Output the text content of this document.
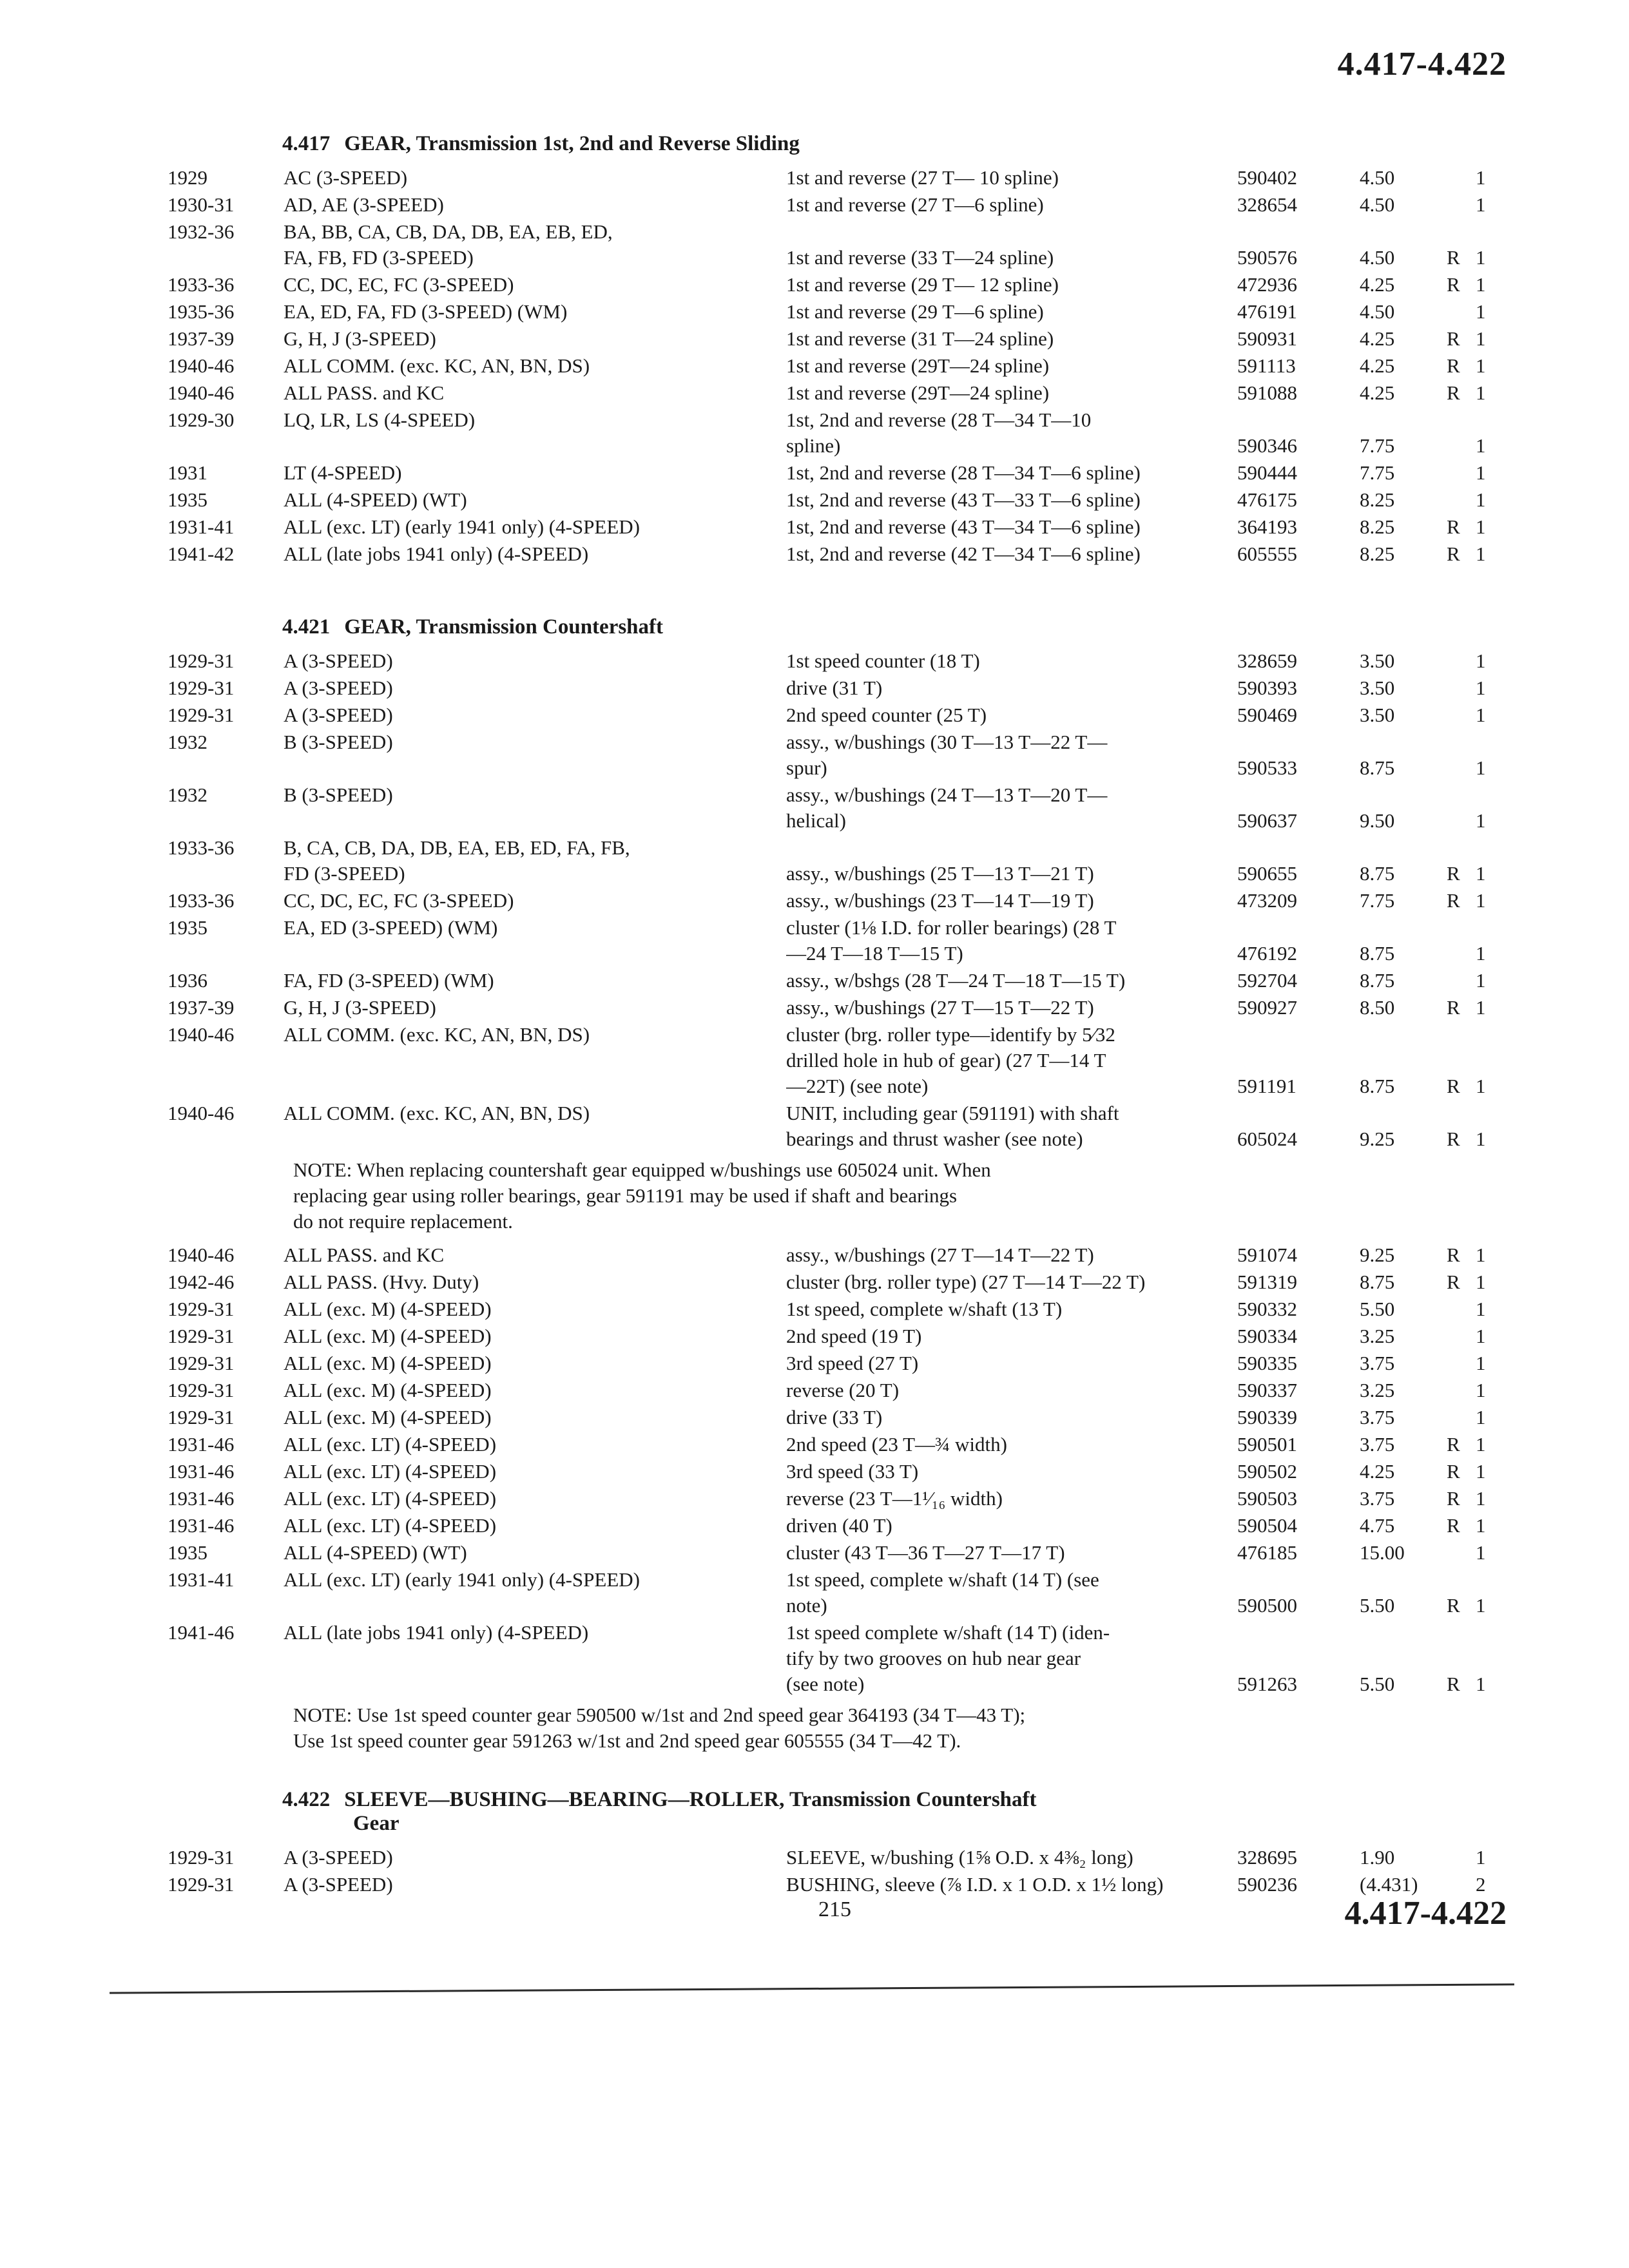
4.417-4.422
4.417 GEAR, Transmission 1st, 2nd and Reverse Sliding
1929	AC (3-SPEED)	1st and reverse (27 T— 10 spline)	590402	4.50	1
1930-31	AD, AE (3-SPEED)	1st and reverse (27 T—6 spline)	328654	4.50	1
1932-36	BA, BB, CA, CB, DA, DB, EA, EB, ED,
FA, FB, FD (3-SPEED)	
1st and reverse (33 T—24 spline)	590576	4.50	R 1
1933-36	CC, DC, EC, FC (3-SPEED)	1st and reverse (29 T— 12 spline)	472936	4.25	R 1
1935-36	EA, ED, FA, FD (3-SPEED) (WM)	1st and reverse (29 T—6 spline)	476191	4.50	1
1937-39	G, H, J (3-SPEED)	1st and reverse (31 T—24 spline)	590931	4.25	R 1
1940-46	ALL COMM. (exc. KC, AN, BN, DS)	1st and reverse (29T—24 spline)	591113	4.25	R 1
1940-46	ALL PASS. and KC	1st and reverse (29T—24 spline)	591088	4.25	R 1
1929-30	LQ, LR, LS (4-SPEED)	1st, 2nd and reverse (28 T—34 T—10
spline)	590346	7.75	1
1931	LT (4-SPEED)	1st, 2nd and reverse (28 T—34 T—6 spline)	590444	7.75	1
1935	ALL (4-SPEED) (WT)	1st, 2nd and reverse (43 T—33 T—6 spline)	476175	8.25	1
1931-41	ALL (exc. LT) (early 1941 only) (4-SPEED)	1st, 2nd and reverse (43 T—34 T—6 spline)	364193	8.25	R 1
1941-42	ALL (late jobs 1941 only) (4-SPEED)	1st, 2nd and reverse (42 T—34 T—6 spline)	605555	8.25	R 1
4.421 GEAR, Transmission Countershaft
1929-31	A (3-SPEED)	1st speed counter (18 T)	328659	3.50	1
1929-31	A (3-SPEED)	drive (31 T)	590393	3.50	1
1929-31	A (3-SPEED)	2nd speed counter (25 T)	590469	3.50	1
1932	B (3-SPEED)	assy., w/bushings (30 T—13 T—22 T—
spur)	590533	8.75	1
1932	B (3-SPEED)	assy., w/bushings (24 T—13 T—20 T—
helical)	590637	9.50	1
1933-36	B, CA, CB, DA, DB, EA, EB, ED, FA, FB,
FD (3-SPEED)	
assy., w/bushings (25 T—13 T—21 T)	590655	8.75	R 1
1933-36	CC, DC, EC, FC (3-SPEED)	assy., w/bushings (23 T—14 T—19 T)	473209	7.75	R 1
1935	EA, ED (3-SPEED) (WM)	cluster (1⅛ I.D. for roller bearings) (28 T
—24 T—18 T—15 T)	476192	8.75	1
1936	FA, FD (3-SPEED) (WM)	assy., w/bshgs (28 T—24 T—18 T—15 T)	592704	8.75	1
1937-39	G, H, J (3-SPEED)	assy., w/bushings (27 T—15 T—22 T)	590927	8.50	R 1
1940-46	ALL COMM. (exc. KC, AN, BN, DS)	cluster (brg. roller type—identify by 5⁄32
drilled hole in hub of gear) (27 T—14 T
—22T) (see note)	591191	8.75	R 1
1940-46	ALL COMM. (exc. KC, AN, BN, DS)	UNIT, including gear (591191) with shaft
bearings and thrust washer (see note)	605024	9.25	R 1
NOTE: When replacing countershaft gear equipped w/bushings use 605024 unit. When
replacing gear using roller bearings, gear 591191 may be used if shaft and bearings
do not require replacement.
1940-46	ALL PASS. and KC	assy., w/bushings (27 T—14 T—22 T)	591074	9.25	R 1
1942-46	ALL PASS. (Hvy. Duty)	cluster (brg. roller type) (27 T—14 T—22 T)	591319	8.75	R 1
1929-31	ALL (exc. M) (4-SPEED)	1st speed, complete w/shaft (13 T)	590332	5.50	1
1929-31	ALL (exc. M) (4-SPEED)	2nd speed (19 T)	590334	3.25	1
1929-31	ALL (exc. M) (4-SPEED)	3rd speed (27 T)	590335	3.75	1
1929-31	ALL (exc. M) (4-SPEED)	reverse (20 T)	590337	3.25	1
1929-31	ALL (exc. M) (4-SPEED)	drive (33 T)	590339	3.75	1
1931-46	ALL (exc. LT) (4-SPEED)	2nd speed (23 T—¾ width)	590501	3.75	R 1
1931-46	ALL (exc. LT) (4-SPEED)	3rd speed (33 T)	590502	4.25	R 1
1931-46	ALL (exc. LT) (4-SPEED)	reverse (23 T—1¹⁄₁₆ width)	590503	3.75	R 1
1931-46	ALL (exc. LT) (4-SPEED)	driven (40 T)	590504	4.75	R 1
1935	ALL (4-SPEED) (WT)	cluster (43 T—36 T—27 T—17 T)	476185	15.00	1
1931-41	ALL (exc. LT) (early 1941 only) (4-SPEED)	1st speed, complete w/shaft (14 T) (see
note)	590500	5.50	R 1
1941-46	ALL (late jobs 1941 only) (4-SPEED)	1st speed complete w/shaft (14 T) (iden-
tify by two grooves on hub near gear
(see note)	591263	5.50	R 1
NOTE: Use 1st speed counter gear 590500 w/1st and 2nd speed gear 364193 (34 T—43 T);
Use 1st speed counter gear 591263 w/1st and 2nd speed gear 605555 (34 T—42 T).
4.422 SLEEVE—BUSHING—BEARING—ROLLER, Transmission Countershaft
Gear
1929-31	A (3-SPEED)	SLEEVE, w/bushing (1⅝ O.D. x 4⅜₂ long)	328695	1.90	1
1929-31	A (3-SPEED)	BUSHING, sleeve (⅞ I.D. x 1 O.D. x 1½ long)	590236	(4.431)	2
215	4.417-4.422
